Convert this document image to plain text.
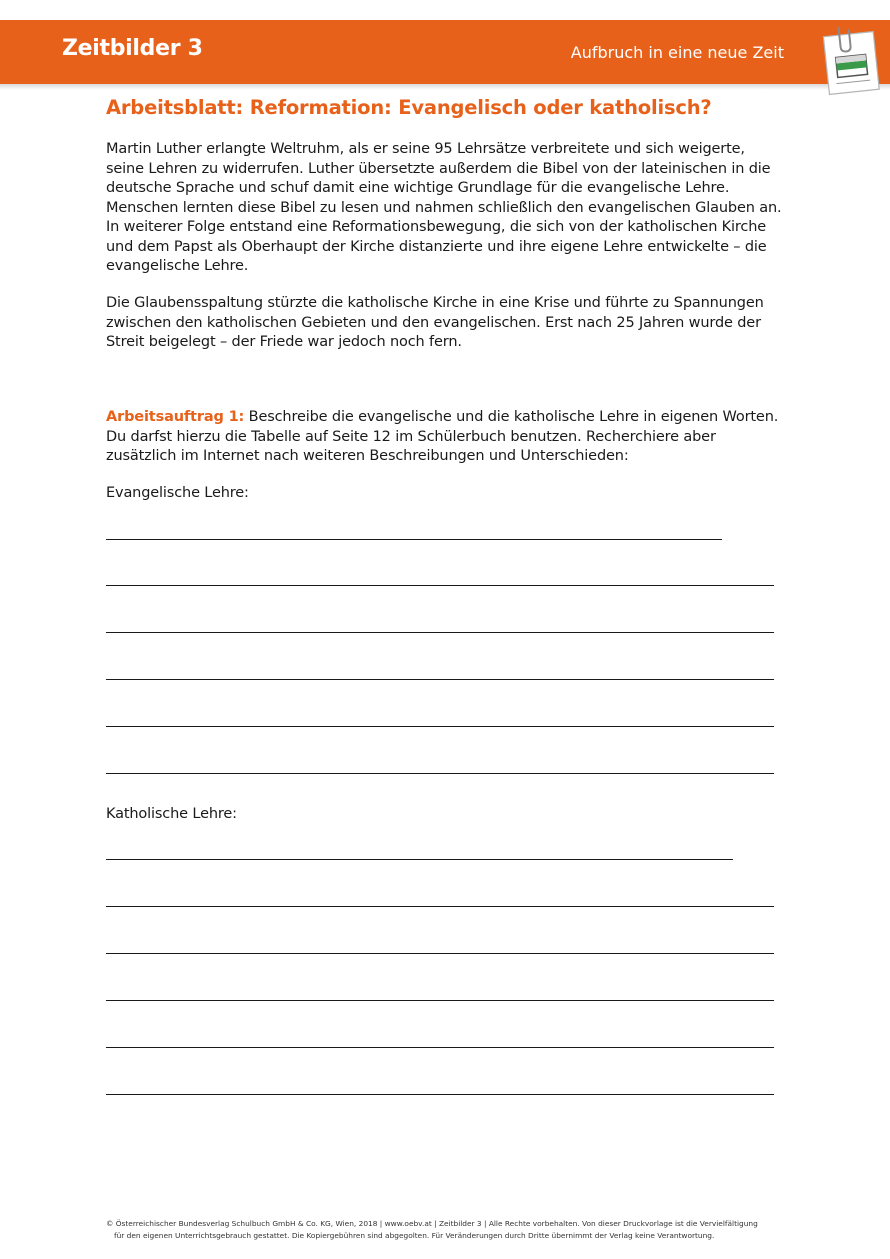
Zeitbilder 3	Aufbruch in eine neue Zeit
Arbeitsblatt: Reformation: Evangelisch oder katholisch?

Martin Luther erlangte Weltruhm, als er seine 95 Lehrsätze verbreitete und sich weigerte, seine Lehren zu widerrufen. Luther übersetzte außerdem die Bibel von der lateinischen in die deutsche Sprache und schuf damit eine wichtige Grundlage für die evangelische Lehre. Menschen lernten diese Bibel zu lesen und nahmen schließlich den evangelischen Glauben an. In weiterer Folge entstand eine Reformationsbewegung, die sich von der katholischen Kirche und dem Papst als Oberhaupt der Kirche distanzierte und ihre eigene Lehre entwickelte – die evangelische Lehre.

Die Glaubensspaltung stürzte die katholische Kirche in eine Krise und führte zu Spannungen zwischen den katholischen Gebieten und den evangelischen. Erst nach 25 Jahren wurde der Streit beigelegt – der Friede war jedoch noch fern.

Arbeitsauftrag 1: Beschreibe die evangelische und die katholische Lehre in eigenen Worten. Du darfst hierzu die Tabelle auf Seite 12 im Schülerbuch benutzen. Recherchiere aber zusätzlich im Internet nach weiteren Beschreibungen und Unterschieden:

Evangelische Lehre:
Katholische Lehre:
© Österreichischer Bundesverlag Schulbuch GmbH & Co. KG, Wien, 2018 | www.oebv.at | Zeitbilder 3 | Alle Rechte vorbehalten. Von dieser Druckvorlage ist die Vervielfältigung
für den eigenen Unterrichtsgebrauch gestattet. Die Kopiergebühren sind abgegolten. Für Veränderungen durch Dritte übernimmt der Verlag keine Verantwortung.
